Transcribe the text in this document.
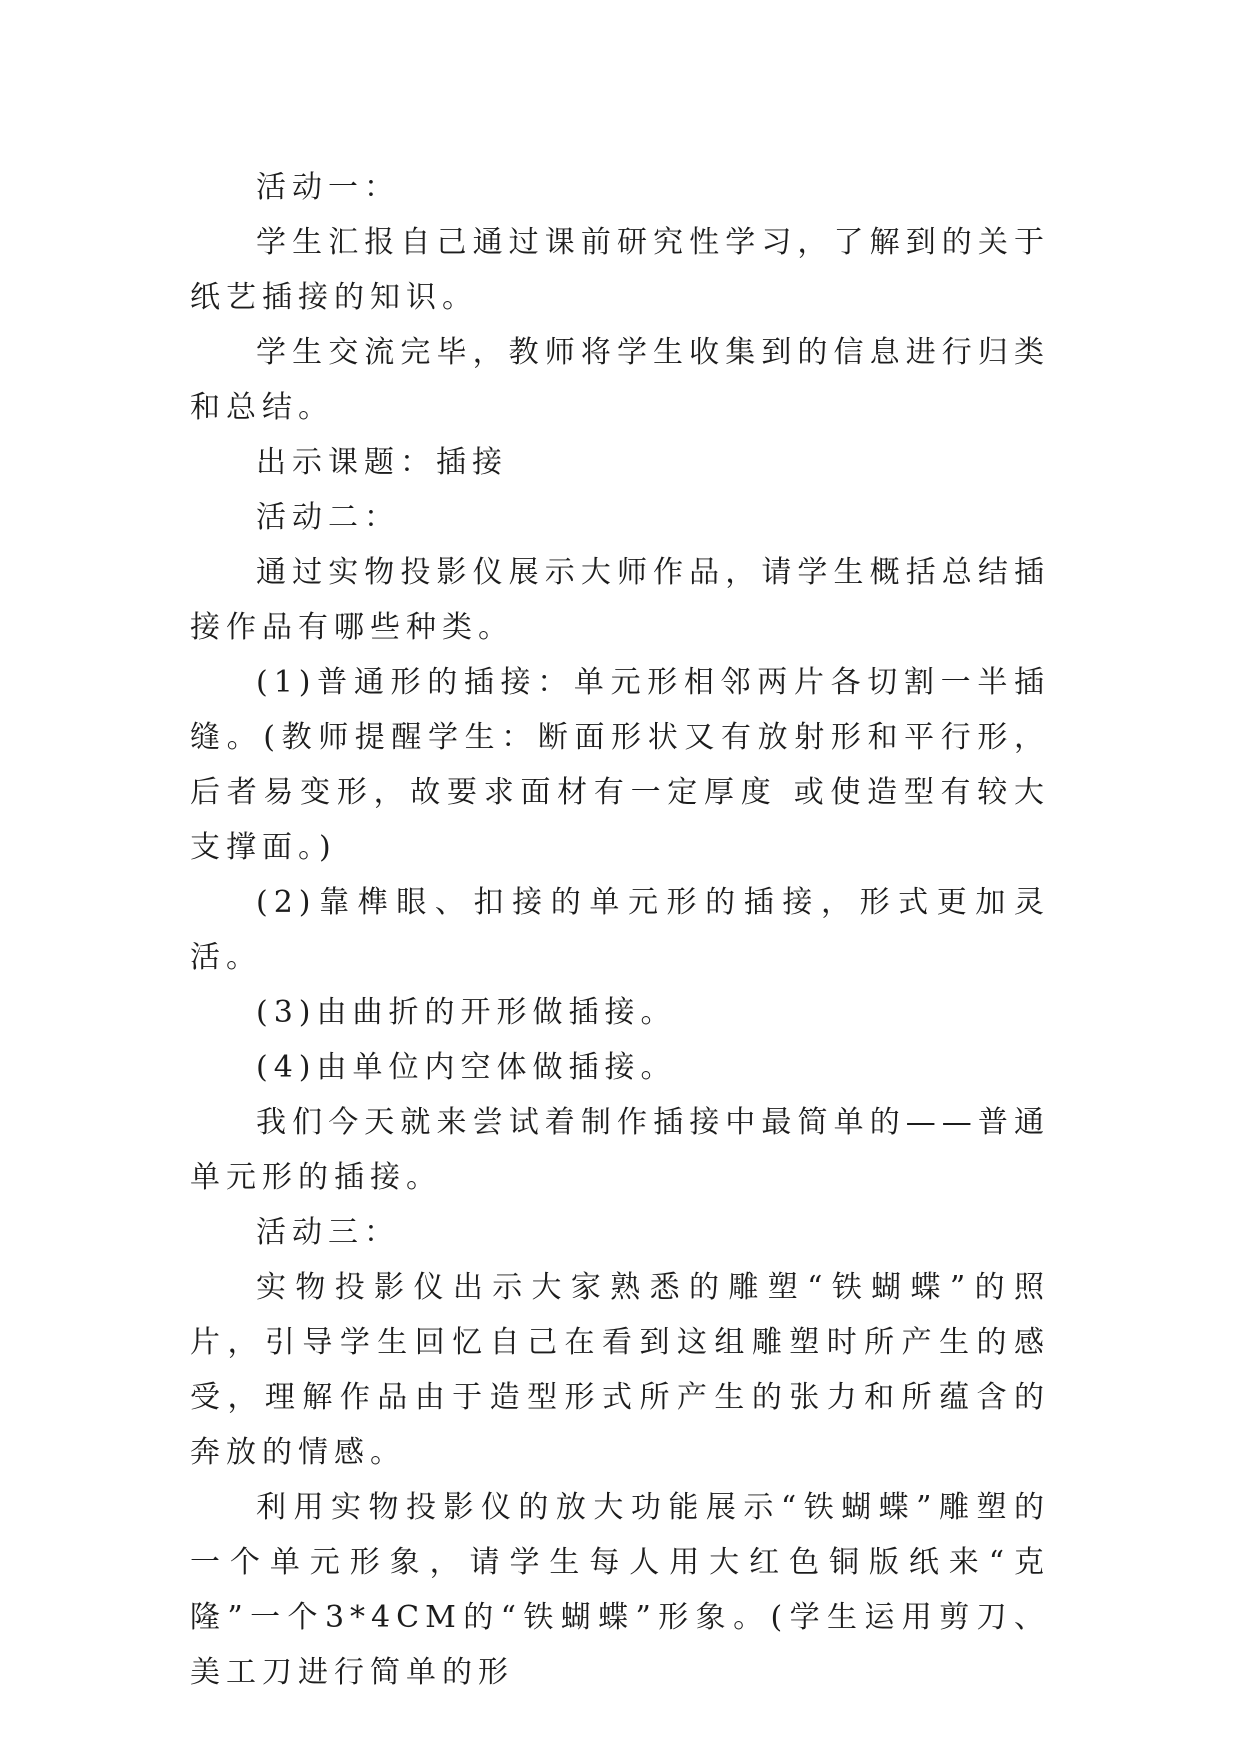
活动一：

学生汇报自己通过课前研究性学习，了解到的关于纸艺插接的知识。

学生交流完毕，教师将学生收集到的信息进行归类和总结。

出示课题：插接

活动二：

通过实物投影仪展示大师作品，请学生概括总结插接作品有哪些种类。

(1)普通形的插接：单元形相邻两片各切割一半插缝。(教师提醒学生：断面形状又有放射形和平行形，后者易变形，故要求面材有一定厚度 或使造型有较大支撑面。)

(2)靠榫眼、扣接的单元形的插接，形式更加灵活。

(3)由曲折的开形做插接。

(4)由单位内空体做插接。

我们今天就来尝试着制作插接中最简单的——普通单元形的插接。

活动三：

实物投影仪出示大家熟悉的雕塑“铁蝴蝶”的照片，引导学生回忆自己在看到这组雕塑时所产生的感受，理解作品由于造型形式所产生的张力和所蕴含的奔放的情感。

利用实物投影仪的放大功能展示“铁蝴蝶”雕塑的一个单元形象，请学生每人用大红色铜版纸来“克隆”一个3*4CM的“铁蝴蝶”形象。(学生运用剪刀、美工刀进行简单的形
